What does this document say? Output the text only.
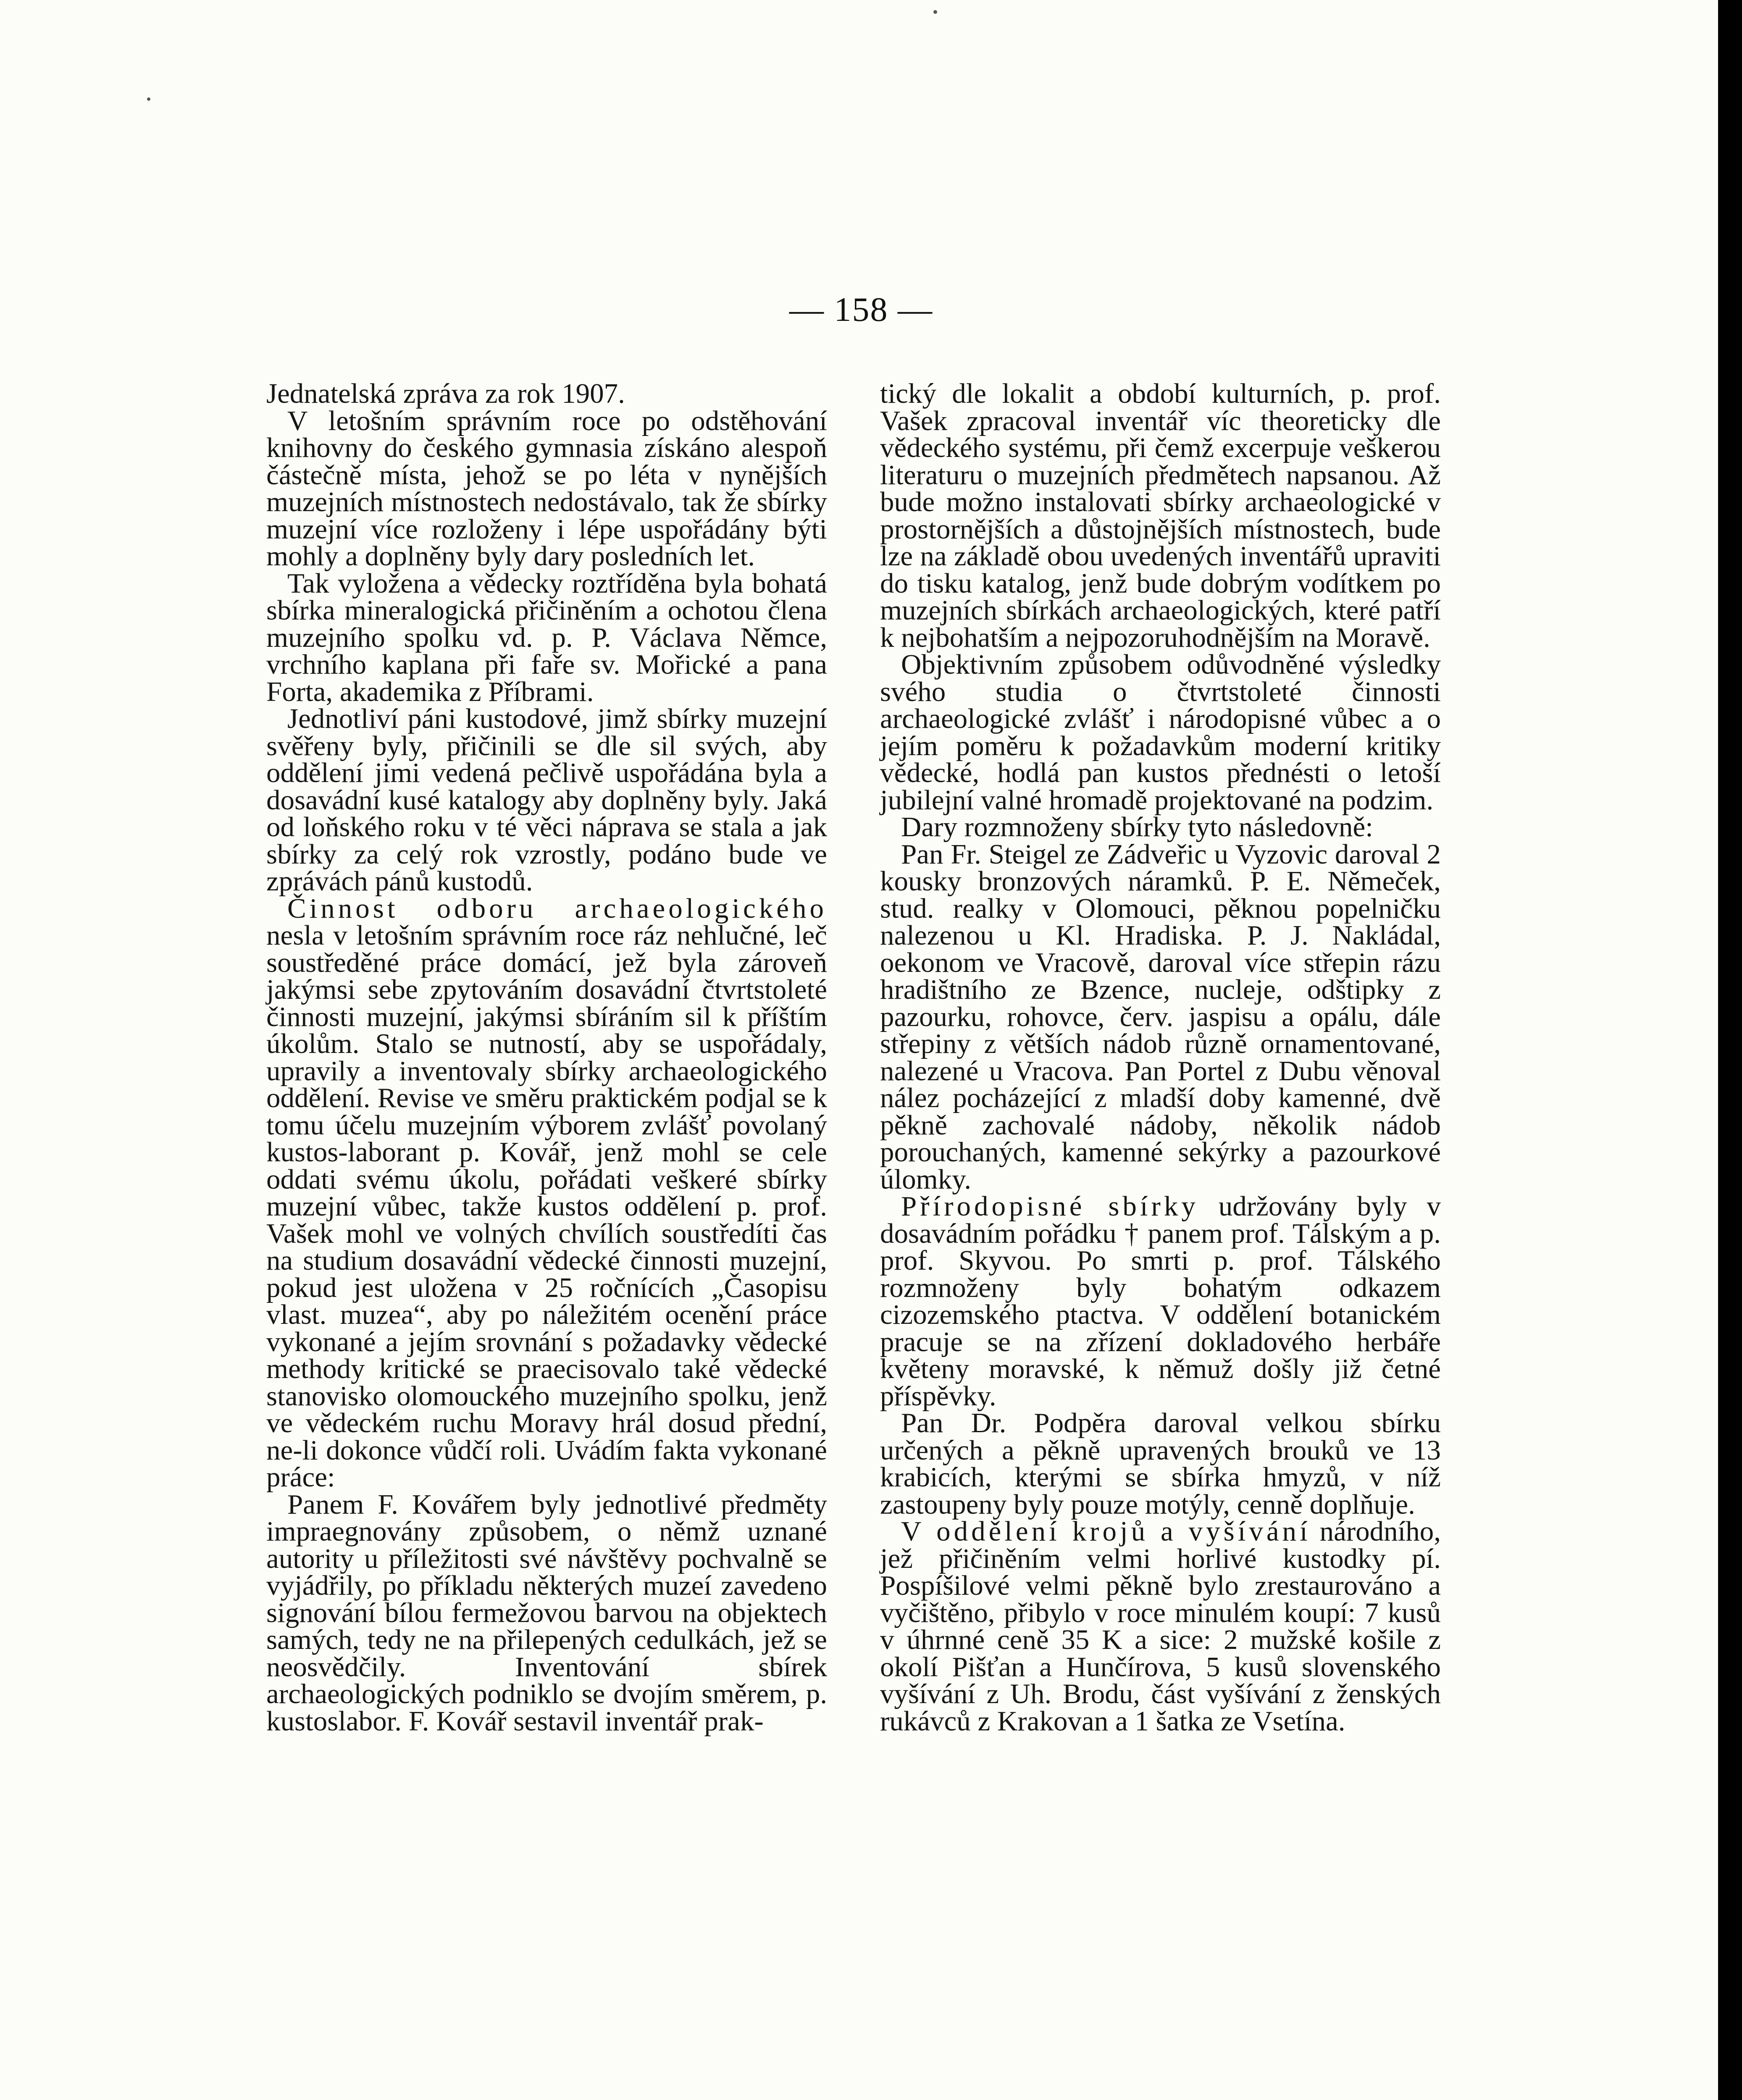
— 158 —

Jednatelská zpráva za rok 1907.

V letošním správním roce po odstěhování knihovny do českého gymnasia získáno alespoň částečně místa, jehož se po léta v nynějších muzejních místnostech nedostávalo, tak že sbírky muzejní více rozloženy i lépe uspořádány býti mohly a doplněny byly dary posledních let.

Tak vyložena a vědecky roztříděna byla bohatá sbírka mineralogická přičiněním a ochotou člena muzejního spolku vd. p. P. Václava Němce, vrchního kaplana při faře sv. Mořické a pana Forta, akademika z Příbrami.

Jednotliví páni kustodové, jimž sbírky muzejní svěřeny byly, přičinili se dle sil svých, aby oddělení jimi vedená pečlivě uspořádána byla a dosavádní kusé katalogy aby doplněny byly. Jaká od loňského roku v té věci náprava se stala a jak sbírky za celý rok vzrostly, podáno bude ve zprávách pánů kustodů.

Činnost odboru archaeologického nesla v letošním správním roce ráz nehlučné, leč soustředěné práce domácí, jež byla zároveň jakýmsi sebe zpytováním dosavádní čtvrtstoleté činnosti muzejní, jakýmsi sbíráním sil k příštím úkolům. Stalo se nutností, aby se uspořádaly, upravily a inventovaly sbírky archaeologického oddělení. Revise ve směru praktickém podjal se k tomu účelu muzejním výborem zvlášť povolaný kustos-laborant p. Kovář, jenž mohl se cele oddati svému úkolu, pořádati veškeré sbírky muzejní vůbec, takže kustos oddělení p. prof. Vašek mohl ve volných chvílích soustředíti čas na studium dosavádní vědecké činnosti muzejní, pokud jest uložena v 25 ročnících „Časopisu vlast. muzea“, aby po náležitém ocenění práce vykonané a jejím srovnání s požadavky vědecké methody kritické se praecisovalo také vědecké stanovisko olomouckého muzejního spolku, jenž ve vědeckém ruchu Moravy hrál dosud přední, ne-li dokonce vůdčí roli. Uvádím fakta vykonané práce:

Panem F. Kovářem byly jednotlivé předměty impraegnovány způsobem, o němž uznané autority u příležitosti své návštěvy pochvalně se vyjádřily, po příkladu některých muzeí zavedeno signování bílou fermežovou barvou na objektech samých, tedy ne na přilepených cedulkách, jež se neosvědčily. Inventování sbírek archaeologických podniklo se dvojím směrem, p. kustoslabor. F. Kovář sestavil inventář prak-

tický dle lokalit a období kulturních, p. prof. Vašek zpracoval inventář víc theoreticky dle vědeckého systému, při čemž excerpuje veškerou literaturu o muzejních předmětech napsanou. Až bude možno instalovati sbírky archaeologické v prostornějších a důstojnějších místnostech, bude lze na základě obou uvedených inventářů upraviti do tisku katalog, jenž bude dobrým vodítkem po muzejních sbírkách archaeologických, které patří k nejbohatším a nejpozoruhodnějším na Moravě.

Objektivním způsobem odůvodněné výsledky svého studia o čtvrtstoleté činnosti archaeologické zvlášť i národopisné vůbec a o jejím poměru k požadavkům moderní kritiky vědecké, hodlá pan kustos přednésti o letoší jubilejní valné hromadě projektované na podzim.

Dary rozmnoženy sbírky tyto následovně:

Pan Fr. Steigel ze Zádveřic u Vyzovic daroval 2 kousky bronzových náramků. P. E. Němeček, stud. realky v Olomouci, pěknou popelničku nalezenou u Kl. Hradiska. P. J. Nakládal, oekonom ve Vracově, daroval více střepin rázu hradištního ze Bzence, nucleje, odštipky z pazourku, rohovce, červ. jaspisu a opálu, dále střepiny z větších nádob různě ornamentované, nalezené u Vracova. Pan Portel z Dubu věnoval nález pocházející z mladší doby kamenné, dvě pěkně zachovalé nádoby, několik nádob porouchaných, kamenné sekýrky a pazourkové úlomky.

Přírodopisné sbírky udržovány byly v dosavádním pořádku † panem prof. Tálským a p. prof. Skyvou. Po smrti p. prof. Tálského rozmnoženy byly bohatým odkazem cizozemského ptactva. V oddělení botanickém pracuje se na zřízení dokladového herbáře květeny moravské, k němuž došly již četné příspěvky.

Pan Dr. Podpěra daroval velkou sbírku určených a pěkně upravených brouků ve 13 krabicích, kterými se sbírka hmyzů, v níž zastoupeny byly pouze motýly, cenně doplňuje.

V oddělení krojů a vyšívání národního, jež přičiněním velmi horlivé kustodky pí. Pospíšilové velmi pěkně bylo zrestaurováno a vyčištěno, přibylo v roce minulém koupí: 7 kusů v úhrnné ceně 35 K a sice: 2 mužské košile z okolí Pišťan a Hunčírova, 5 kusů slovenského vyšívání z Uh. Brodu, část vyšívání z ženských rukávců z Krakovan a 1 šatka ze Vsetína.
